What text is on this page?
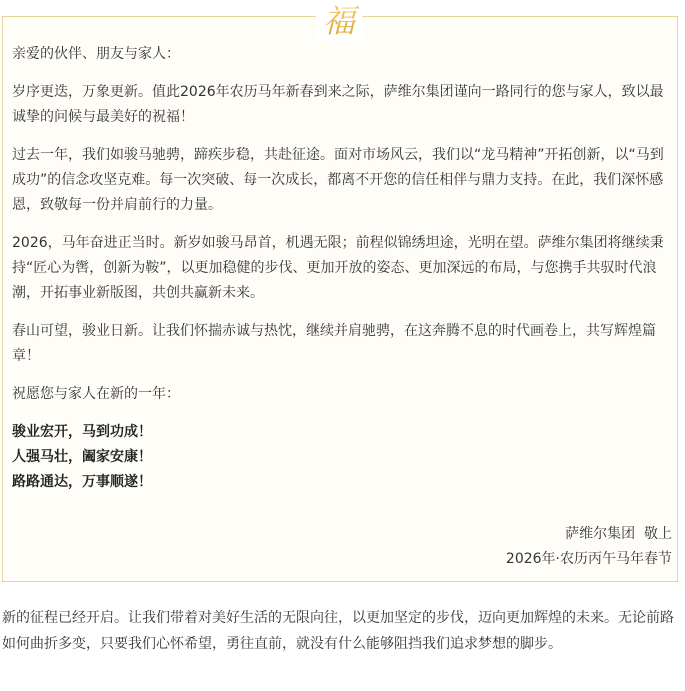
福

亲爱的伙伴、朋友与家人：

岁序更迭，万象更新。值此2026年农历马年新春到来之际，萨维尔集团谨向一路同行的您与家人，致以最诚挚的问候与最美好的祝福！

过去一年，我们如骏马驰骋，蹄疾步稳，共赴征途。面对市场风云，我们以“龙马精神”开拓创新，以“马到成功”的信念攻坚克难。每一次突破、每一次成长，都离不开您的信任相伴与鼎力支持。在此，我们深怀感恩，致敬每一份并肩前行的力量。

2026，马年奋进正当时。新岁如骏马昂首，机遇无限；前程似锦绣坦途，光明在望。萨维尔集团将继续秉持“匠心为辔，创新为鞍”，以更加稳健的步伐、更加开放的姿态、更加深远的布局，与您携手共驭时代浪潮，开拓事业新版图，共创共赢新未来。

春山可望，骏业日新。让我们怀揣赤诚与热忱，继续并肩驰骋，在这奔腾不息的时代画卷上，共写辉煌篇章！

祝愿您与家人在新的一年：

骏业宏开，马到功成！

人强马壮，阖家安康！

路路通达，万事顺遂！

萨维尔集团  敬上
2026年·农历丙午马年春节

新的征程已经开启。让我们带着对美好生活的无限向往，以更加坚定的步伐，迈向更加辉煌的未来。无论前路如何曲折多变，只要我们心怀希望，勇往直前，就没有什么能够阻挡我们追求梦想的脚步。
